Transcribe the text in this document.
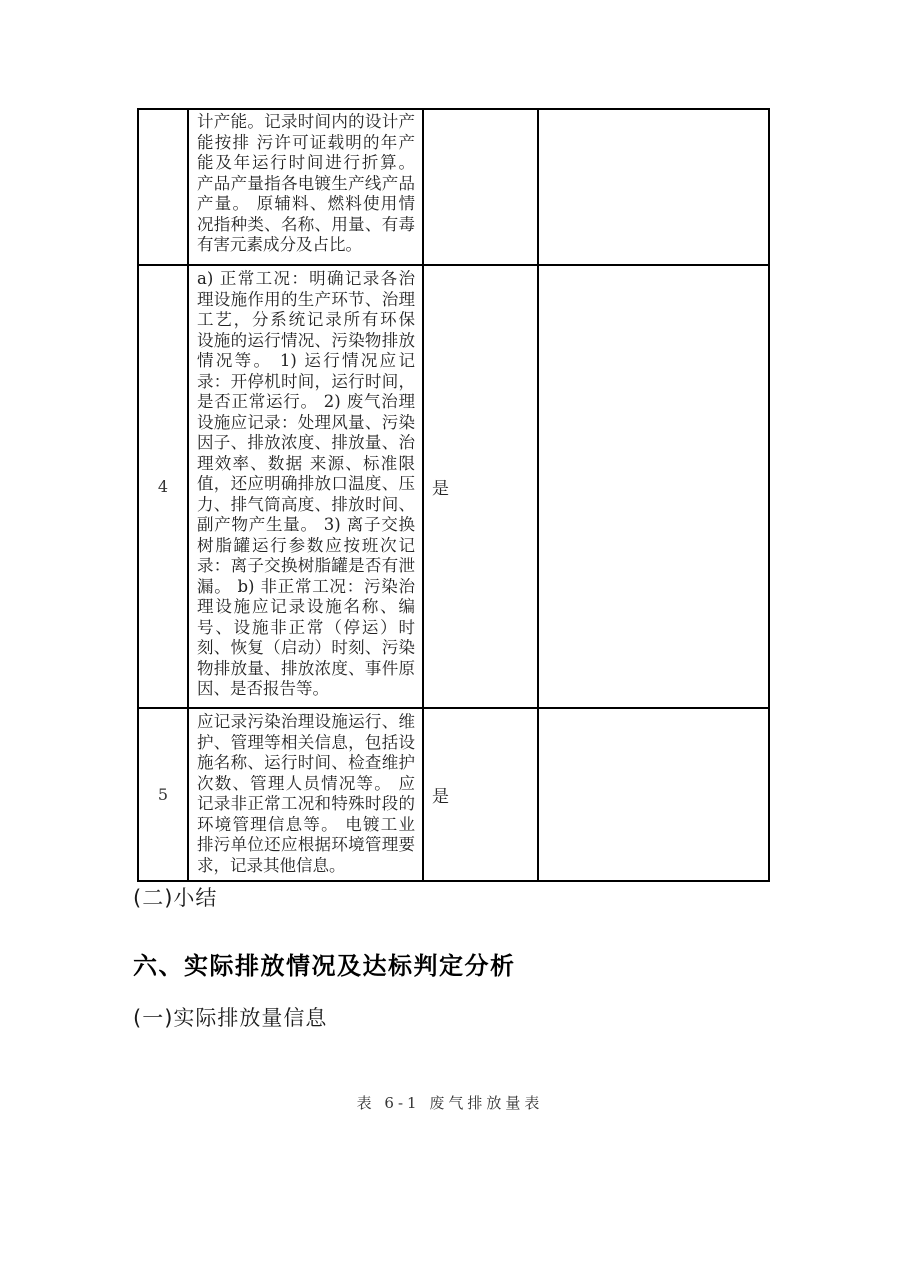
	计产能。记录时间内的设计产能按排 污许可证载明的年产能及年运行时间进行折算。 产品产量指各电镀生产线产品产量。 原辅料、燃料使用情况指种类、名称、用量、有毒有害元素成分及占比。		
4	a) 正常工况：明确记录各治理设施作用的生产环节、治理工艺，分系统记录所有环保 设施的运行情况、污染物排放情况等。 1) 运行情况应记录：开停机时间，运行时间，是否正常运行。 2) 废气治理设施应记录：处理风量、污染因子、排放浓度、排放量、治理效率、数据 来源、标准限值，还应明确排放口温度、压力、排气筒高度、排放时间、副产物产生量。 3) 离子交换树脂罐运行参数应按班次记录：离子交换树脂罐是否有泄漏。 b) 非正常工况：污染治理设施应记录设施名称、编号、设施非正常（停运）时刻、恢复（启动）时刻、污染物排放量、排放浓度、事件原因、是否报告等。	是	
5	应记录污染治理设施运行、维护、管理等相关信息，包括设施名称、运行时间、检查维护次数、管理人员情况等。 应记录非正常工况和特殊时段的环境管理信息等。 电镀工业排污单位还应根据环境管理要求，记录其他信息。	是	
(二)小结
六、实际排放情况及达标判定分析
(一)实际排放量信息
表 6-1 废气排放量表
